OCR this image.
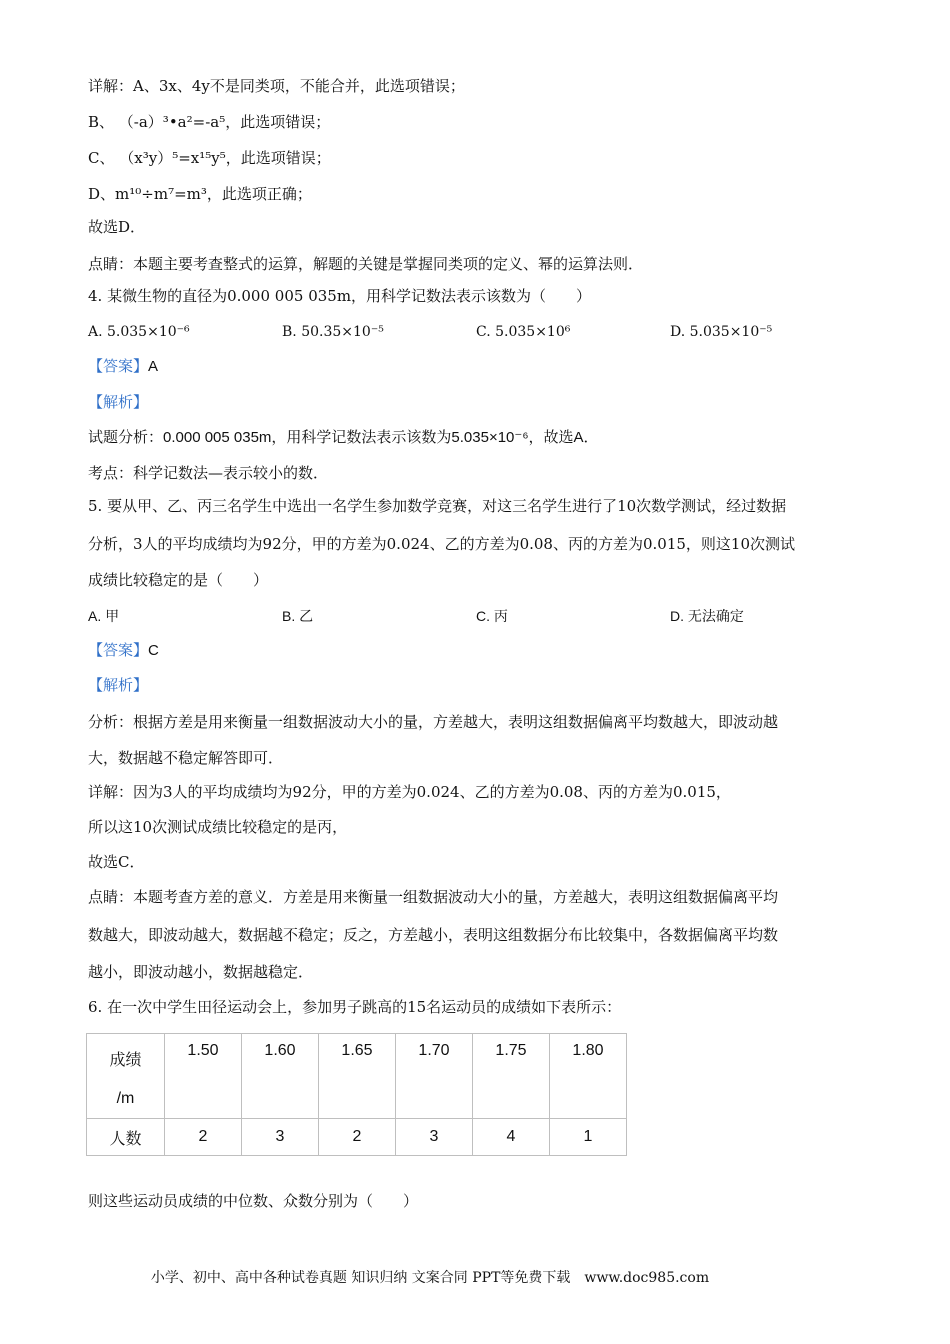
详解：A、3x、4y不是同类项，不能合并，此选项错误；
B、 （-a）³•a²=-a⁵，此选项错误；
C、 （x³y）⁵=x¹⁵y⁵，此选项错误；
D、m¹⁰÷m⁷=m³，此选项正确；
故选D．
点睛：本题主要考查整式的运算，解题的关键是掌握同类项的定义、幂的运算法则．
4. 某微生物的直径为0.000 005 035m，用科学记数法表示该数为（　　）
A. 5.035×10⁻⁶	B. 50.35×10⁻⁵	C. 5.035×10⁶	D. 5.035×10⁻⁵
【答案】A
【解析】
试题分析：0.000 005 035m，用科学记数法表示该数为5.035×10⁻⁶，故选A．
考点：科学记数法—表示较小的数．
5. 要从甲、乙、丙三名学生中选出一名学生参加数学竞赛，对这三名学生进行了10次数学测试，经过数据
分析，3人的平均成绩均为92分，甲的方差为0.024、乙的方差为0.08、丙的方差为0.015，则这10次测试
成绩比较稳定的是（　　）
A. 甲	B. 乙	C. 丙	D. 无法确定
【答案】C
【解析】
分析：根据方差是用来衡量一组数据波动大小的量，方差越大，表明这组数据偏离平均数越大，即波动越
大，数据越不稳定解答即可．
详解：因为3人的平均成绩均为92分，甲的方差为0.024、乙的方差为0.08、丙的方差为0.015，
所以这10次测试成绩比较稳定的是丙，
故选C．
点睛：本题考查方差的意义．方差是用来衡量一组数据波动大小的量，方差越大，表明这组数据偏离平均
数越大，即波动越大，数据越不稳定；反之，方差越小，表明这组数据分布比较集中，各数据偏离平均数
越小，即波动越小，数据越稳定．
6. 在一次中学生田径运动会上，参加男子跳高的15名运动员的成绩如下表所示：
成绩
/m	1.50	1.60	1.65	1.70	1.75	1.80
人数	2	3	2	3	4	1
则这些运动员成绩的中位数、众数分别为（　　）
小学、初中、高中各种试卷真题 知识归纳 文案合同 PPT等免费下载　www.doc985.com
